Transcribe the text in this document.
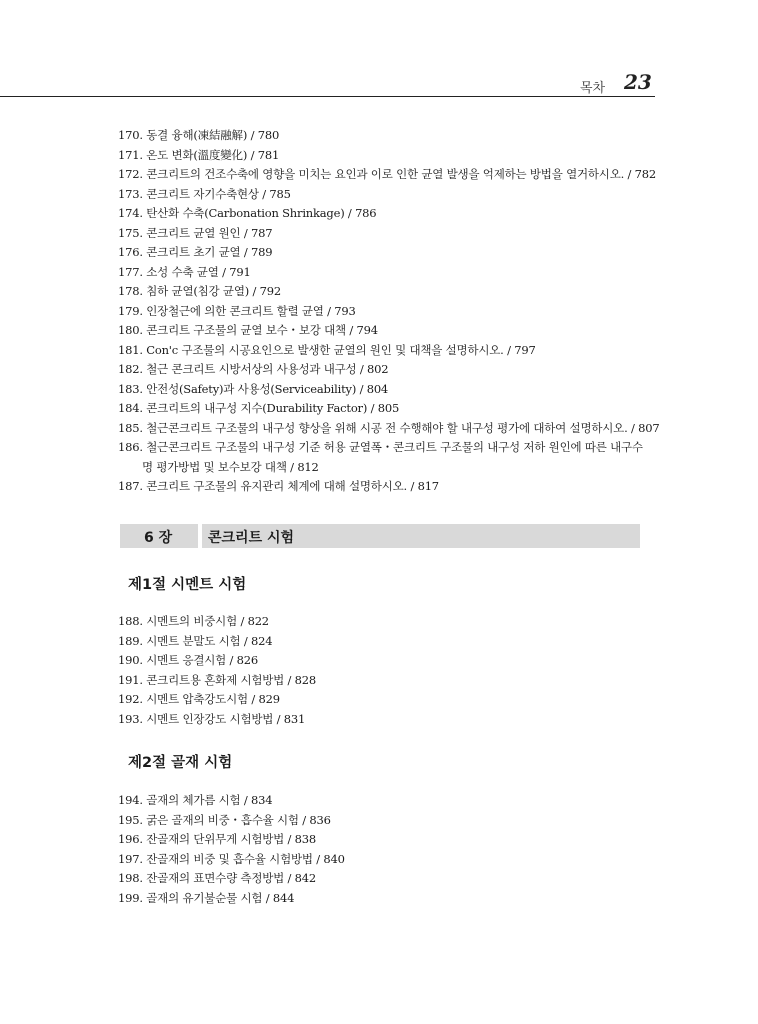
목차 23
170. 동결 융해(凍結融解) / 780
171. 온도 변화(溫度變化) / 781
172. 콘크리트의 건조수축에 영향을 미치는 요인과 이로 인한 균열 발생을 억제하는 방법을 열거하시오. / 782
173. 콘크리트 자기수축현상 / 785
174. 탄산화 수축(Carbonation Shrinkage) / 786
175. 콘크리트 균열 원인 / 787
176. 콘크리트 초기 균열 / 789
177. 소성 수축 균열 / 791
178. 침하 균열(침강 균열) / 792
179. 인장철근에 의한 콘크리트 할렬 균열 / 793
180. 콘크리트 구조물의 균열 보수・보강 대책 / 794
181. Con'c 구조물의 시공요인으로 발생한 균열의 원인 및 대책을 설명하시오. / 797
182. 철근 콘크리트 시방서상의 사용성과 내구성 / 802
183. 안전성(Safety)과 사용성(Serviceability) / 804
184. 콘크리트의 내구성 지수(Durability Factor) / 805
185. 철근콘크리트 구조물의 내구성 향상을 위해 시공 전 수행해야 할 내구성 평가에 대하여 설명하시오. / 807
186. 철근콘크리트 구조물의 내구성 기준 허용 균열폭・콘크리트 구조물의 내구성 저하 원인에 따른 내구수
명 평가방법 및 보수보강 대책 / 812
187. 콘크리트 구조물의 유지관리 체계에 대해 설명하시오. / 817
6 장	콘크리트 시험
제1절 시멘트 시험
188. 시멘트의 비중시험 / 822
189. 시멘트 분말도 시험 / 824
190. 시멘트 응결시험 / 826
191. 콘크리트용 혼화제 시험방법 / 828
192. 시멘트 압축강도시험 / 829
193. 시멘트 인장강도 시험방법 / 831
제2절 골재 시험
194. 골재의 체가름 시험 / 834
195. 굵은 골재의 비중・흡수율 시험 / 836
196. 잔골재의 단위무게 시험방법 / 838
197. 잔골재의 비중 및 흡수율 시험방법 / 840
198. 잔골재의 표면수량 측정방법 / 842
199. 골재의 유기불순물 시험 / 844
